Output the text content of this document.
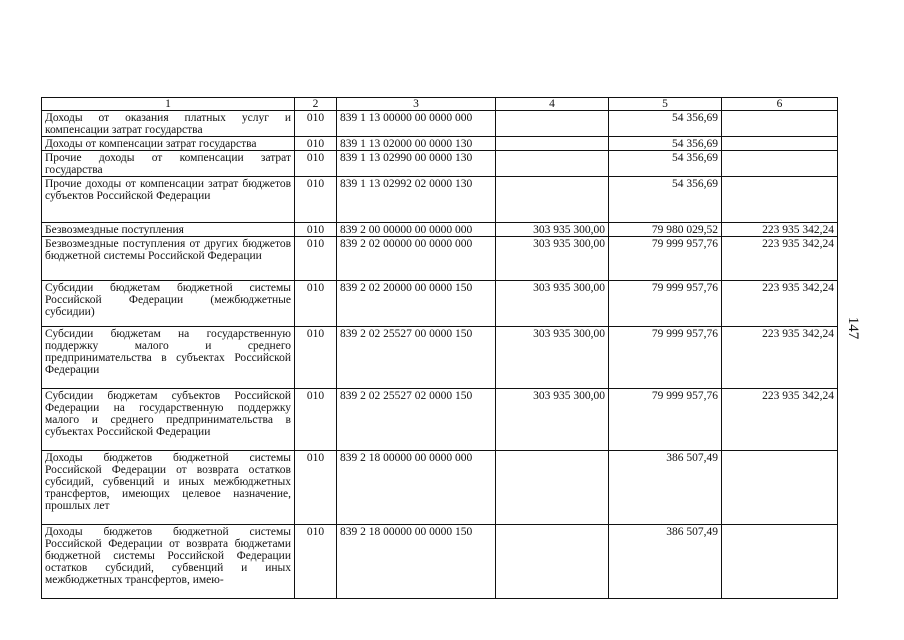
147
1	2	3	4	5	6
Доходы от оказания платных услуг и компенсации затрат государства	010	839 1 13 00000 00 0000 000		54 356,69	
Доходы от компенсации затрат государства	010	839 1 13 02000 00 0000 130		54 356,69	
Прочие доходы от компенсации затрат государства	010	839 1 13 02990 00 0000 130		54 356,69	
Прочие доходы от компенсации затрат бюджетов субъектов Российской Федерации	010	839 1 13 02992 02 0000 130		54 356,69	
Безвозмездные поступления	010	839 2 00 00000 00 0000 000	303 935 300,00	79 980 029,52	223 935 342,24
Безвозмездные поступления от других бюджетов бюджетной системы Российской Федерации	010	839 2 02 00000 00 0000 000	303 935 300,00	79 999 957,76	223 935 342,24
Субсидии бюджетам бюджетной системы Российской Федерации (межбюджетные субсидии)	010	839 2 02 20000 00 0000 150	303 935 300,00	79 999 957,76	223 935 342,24
Субсидии бюджетам на государственную поддержку малого и среднего предпринимательства в субъектах Российской Федерации	010	839 2 02 25527 00 0000 150	303 935 300,00	79 999 957,76	223 935 342,24
Субсидии бюджетам субъектов Российской Федерации на государственную поддержку малого и среднего предпринимательства в субъектах Российской Федерации	010	839 2 02 25527 02 0000 150	303 935 300,00	79 999 957,76	223 935 342,24
Доходы бюджетов бюджетной системы Российской Федерации от возврата остатков субсидий, субвенций и иных межбюджетных трансфертов, имеющих целевое назначение, прошлых лет	010	839 2 18 00000 00 0000 000		386 507,49	
Доходы бюджетов бюджетной системы Российской Федерации от возврата бюджетами бюджетной системы Российской Федерации остатков субсидий, субвенций и иных межбюджетных трансфертов, имею-	010	839 2 18 00000 00 0000 150		386 507,49	
